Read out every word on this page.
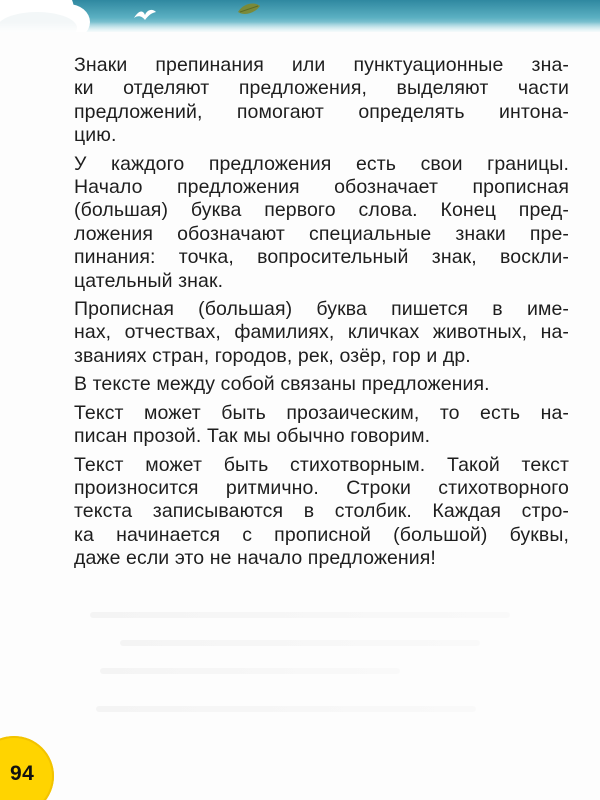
Знаки препинания или пунктуационные зна-
ки отделяют предложения, выделяют части
предложений, помогают определять интона-
цию.
У каждого предложения есть свои границы.
Начало предложения обозначает прописная
(большая) буква первого слова. Конец пред-
ложения обозначают специальные знаки пре-
пинания: точка, вопросительный знак, воскли-
цательный знак.
Прописная (большая) буква пишется в име-
нах, отчествах, фамилиях, кличках животных, на-
званиях стран, городов, рек, озёр, гор и др.
В тексте между собой связаны предложения.
Текст может быть прозаическим, то есть на-
писан прозой. Так мы обычно говорим.
Текст может быть стихотворным. Такой текст
произносится ритмично. Строки стихотворного
текста записываются в столбик. Каждая стро-
ка начинается с прописной (большой) буквы,
даже если это не начало предложения!
94
